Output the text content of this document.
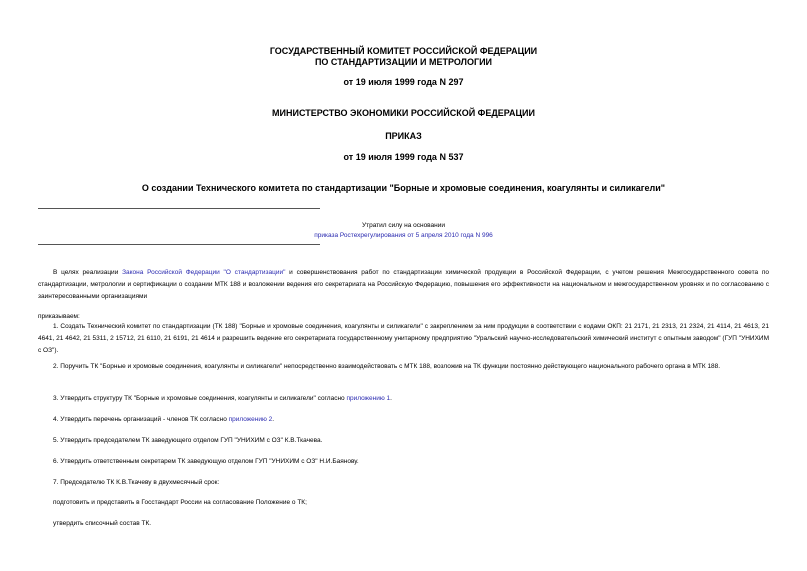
ГОСУДАРСТВЕННЫЙ КОМИТЕТ РОССИЙСКОЙ ФЕДЕРАЦИИ
ПО СТАНДАРТИЗАЦИИ И МЕТРОЛОГИИ
от 19 июля 1999 года N 297
МИНИСТЕРСТВО ЭКОНОМИКИ РОССИЙСКОЙ ФЕДЕРАЦИИ
ПРИКАЗ
от 19 июля 1999 года N 537
О создании Технического комитета по стандартизации "Борные и хромовые соединения, коагулянты и силикагели"
Утратил силу на основании
приказа Ростехрегулирования от 5 апреля 2010 года N 996

В целях реализации Закона Российской Федерации "О стандартизации" и совершенствования работ по стандартизации химической продукции в Российской Федерации, с учетом решения Межгосударственного совета по стандартизации, метрологии и сертификации о создании МТК 188 и возложении ведения его секретариата на Российскую Федерацию, повышения его эффективности на национальном и межгосударственном уровнях и по согласованию с заинтересованными организациями

приказываем:

1. Создать Технический комитет по стандартизации (ТК 188) "Борные и хромовые соединения, коагулянты и силикагели" с закреплением за ним продукции в соответствии с кодами ОКП: 21 2171, 21 2313, 21 2324, 21 4114, 21 4613, 21 4641, 21 4642, 21 5311, 2 15712, 21 6110, 21 6191, 21 4614 и разрешить ведение его секретариата государственному унитарному предприятию "Уральский научно-исследовательский химический институт с опытным заводом" (ГУП "УНИХИМ с ОЗ").

2. Поручить ТК "Борные и хромовые соединения, коагулянты и силикагели" непосредственно взаимодействовать с МТК 188, возложив на ТК функции постоянно действующего национального рабочего органа в МТК 188.

3. Утвердить структуру ТК "Борные и хромовые соединения, коагулянты и силикагели" согласно приложению 1.

4. Утвердить перечень организаций - членов ТК согласно приложению 2.

5. Утвердить председателем ТК заведующего отделом ГУП "УНИХИМ с ОЗ" К.В.Ткачева.

6. Утвердить ответственным секретарем ТК заведующую отделом ГУП "УНИХИМ с ОЗ" Н.И.Баянову.

7. Председателю ТК К.В.Ткачеву в двухмесячный срок:

подготовить и представить в Госстандарт России на согласование Положение о ТК;

утвердить списочный состав ТК.
